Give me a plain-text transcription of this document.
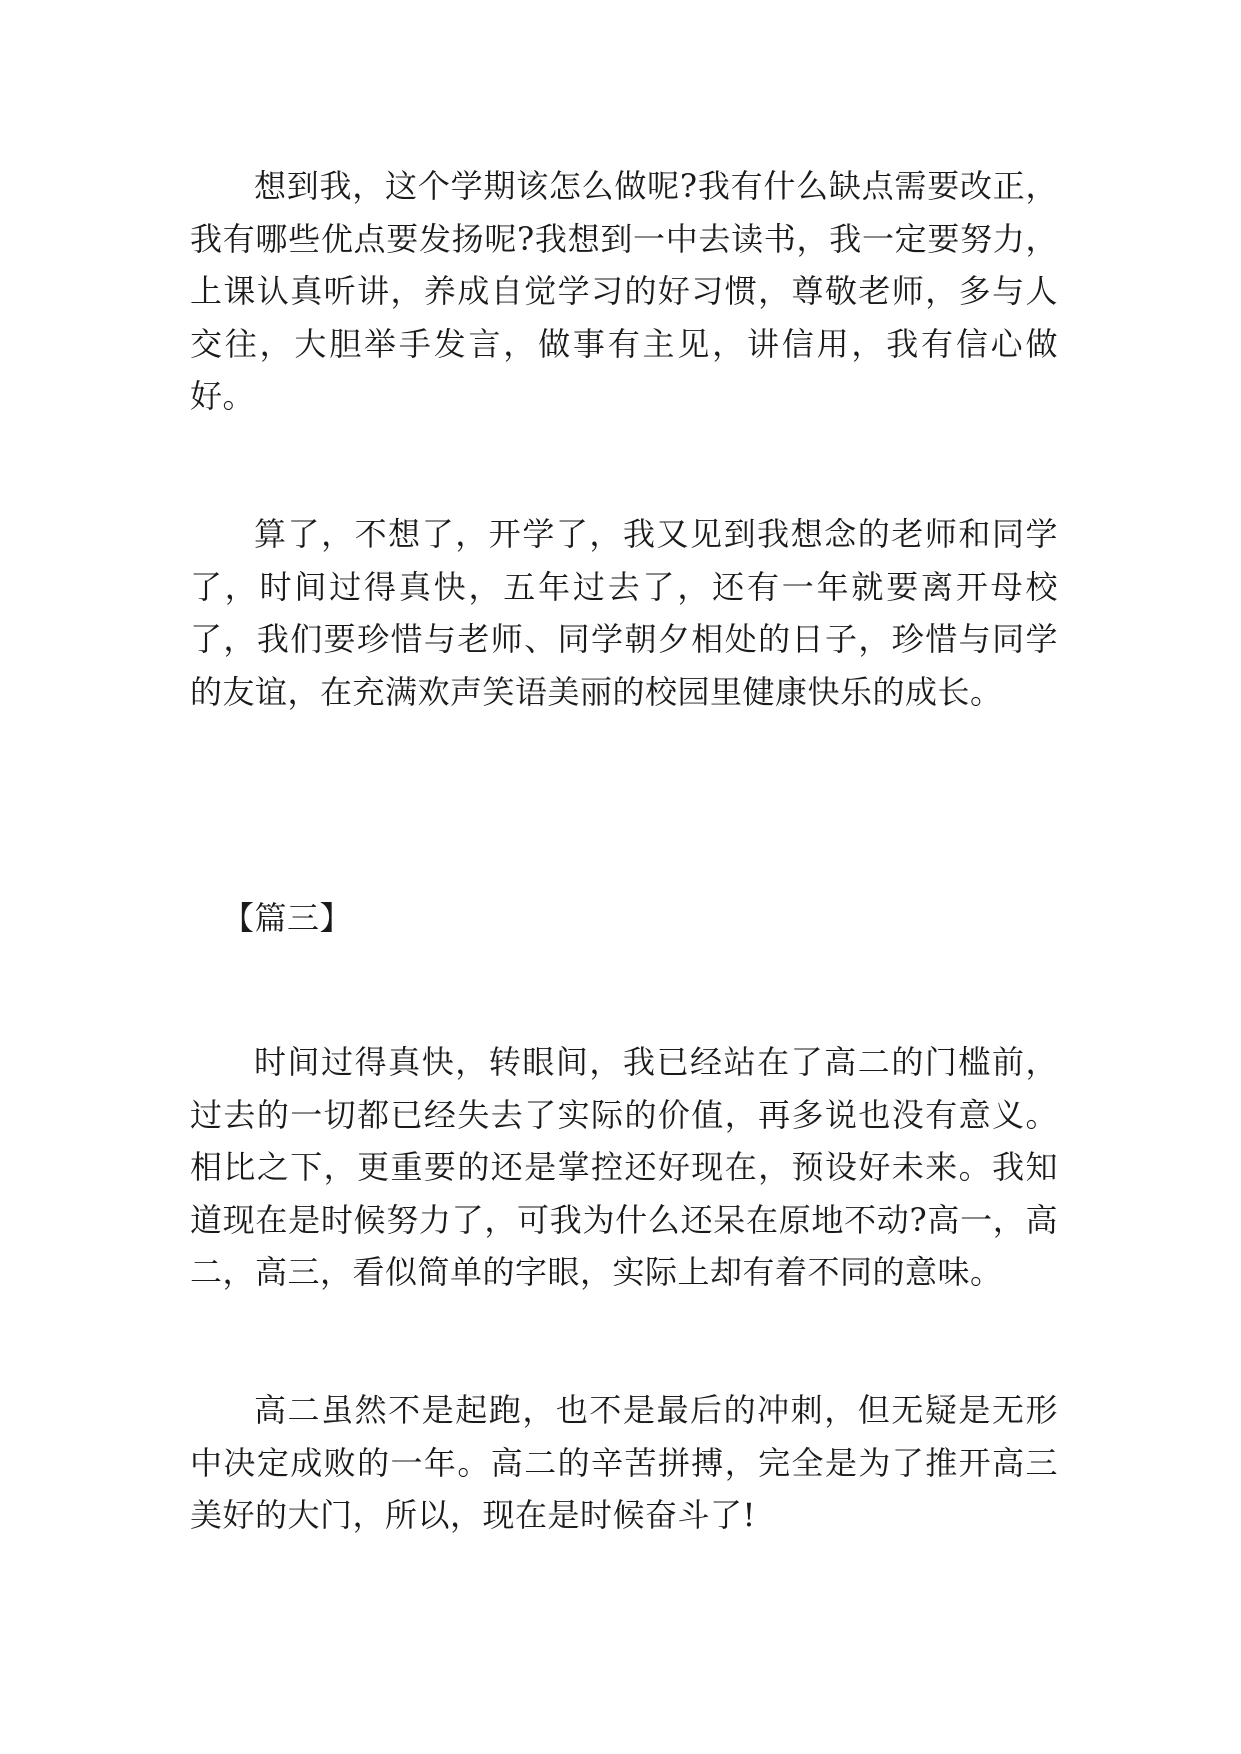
想到我，这个学期该怎么做呢?我有什么缺点需要改正，我有哪些优点要发扬呢?我想到一中去读书，我一定要努力，上课认真听讲，养成自觉学习的好习惯，尊敬老师，多与人交往，大胆举手发言，做事有主见，讲信用，我有信心做好。

算了，不想了，开学了，我又见到我想念的老师和同学了，时间过得真快，五年过去了，还有一年就要离开母校了，我们要珍惜与老师、同学朝夕相处的日子，珍惜与同学的友谊，在充满欢声笑语美丽的校园里健康快乐的成长。

【篇三】

时间过得真快，转眼间，我已经站在了高二的门槛前，过去的一切都已经失去了实际的价值，再多说也没有意义。相比之下，更重要的还是掌控还好现在，预设好未来。我知道现在是时候努力了，可我为什么还呆在原地不动?高一，高二，高三，看似简单的字眼，实际上却有着不同的意味。

高二虽然不是起跑，也不是最后的冲刺，但无疑是无形中决定成败的一年。高二的辛苦拼搏，完全是为了推开高三美好的大门，所以，现在是时候奋斗了!
